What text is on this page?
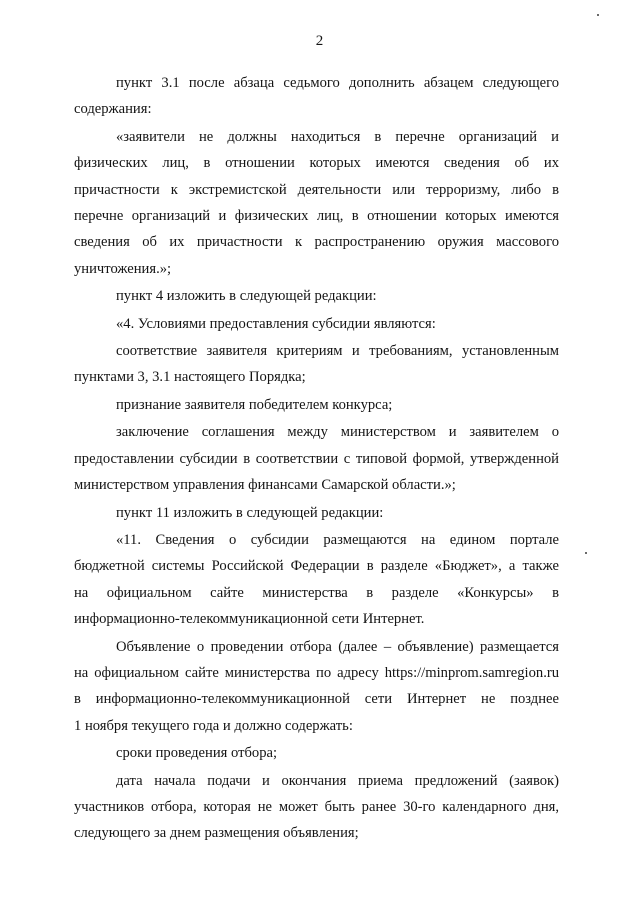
2
пункт 3.1 после абзаца седьмого дополнить абзацем следующего
содержания:
«заявители не должны находиться в перечне организаций и
физических лиц, в отношении которых имеются сведения об их
причастности к экстремистской деятельности или терроризму, либо в
перечне организаций и физических лиц, в отношении которых имеются
сведения об их причастности к распространению оружия массового
уничтожения.»;
пункт 4 изложить в следующей редакции:
«4. Условиями предоставления субсидии являются:
соответствие заявителя критериям и требованиям, установленным
пунктами 3, 3.1 настоящего Порядка;
признание заявителя победителем конкурса;
заключение соглашения между министерством и заявителем о
предоставлении субсидии в соответствии с типовой формой, утвержденной
министерством управления финансами Самарской области.»;
пункт 11 изложить в следующей редакции:
«11. Сведения о субсидии размещаются на едином портале
бюджетной системы Российской Федерации в разделе «Бюджет», а также
на официальном сайте министерства в разделе «Конкурсы» в
информационно-телекоммуникационной сети Интернет.
Объявление о проведении отбора (далее – объявление) размещается
на официальном сайте министерства по адресу https://minprom.samregion.ru
в информационно-телекоммуникационной сети Интернет не позднее
1 ноября текущего года и должно содержать:
сроки проведения отбора;
дата начала подачи и окончания приема предложений (заявок)
участников отбора, которая не может быть ранее 30-го календарного дня,
следующего за днем размещения объявления;
